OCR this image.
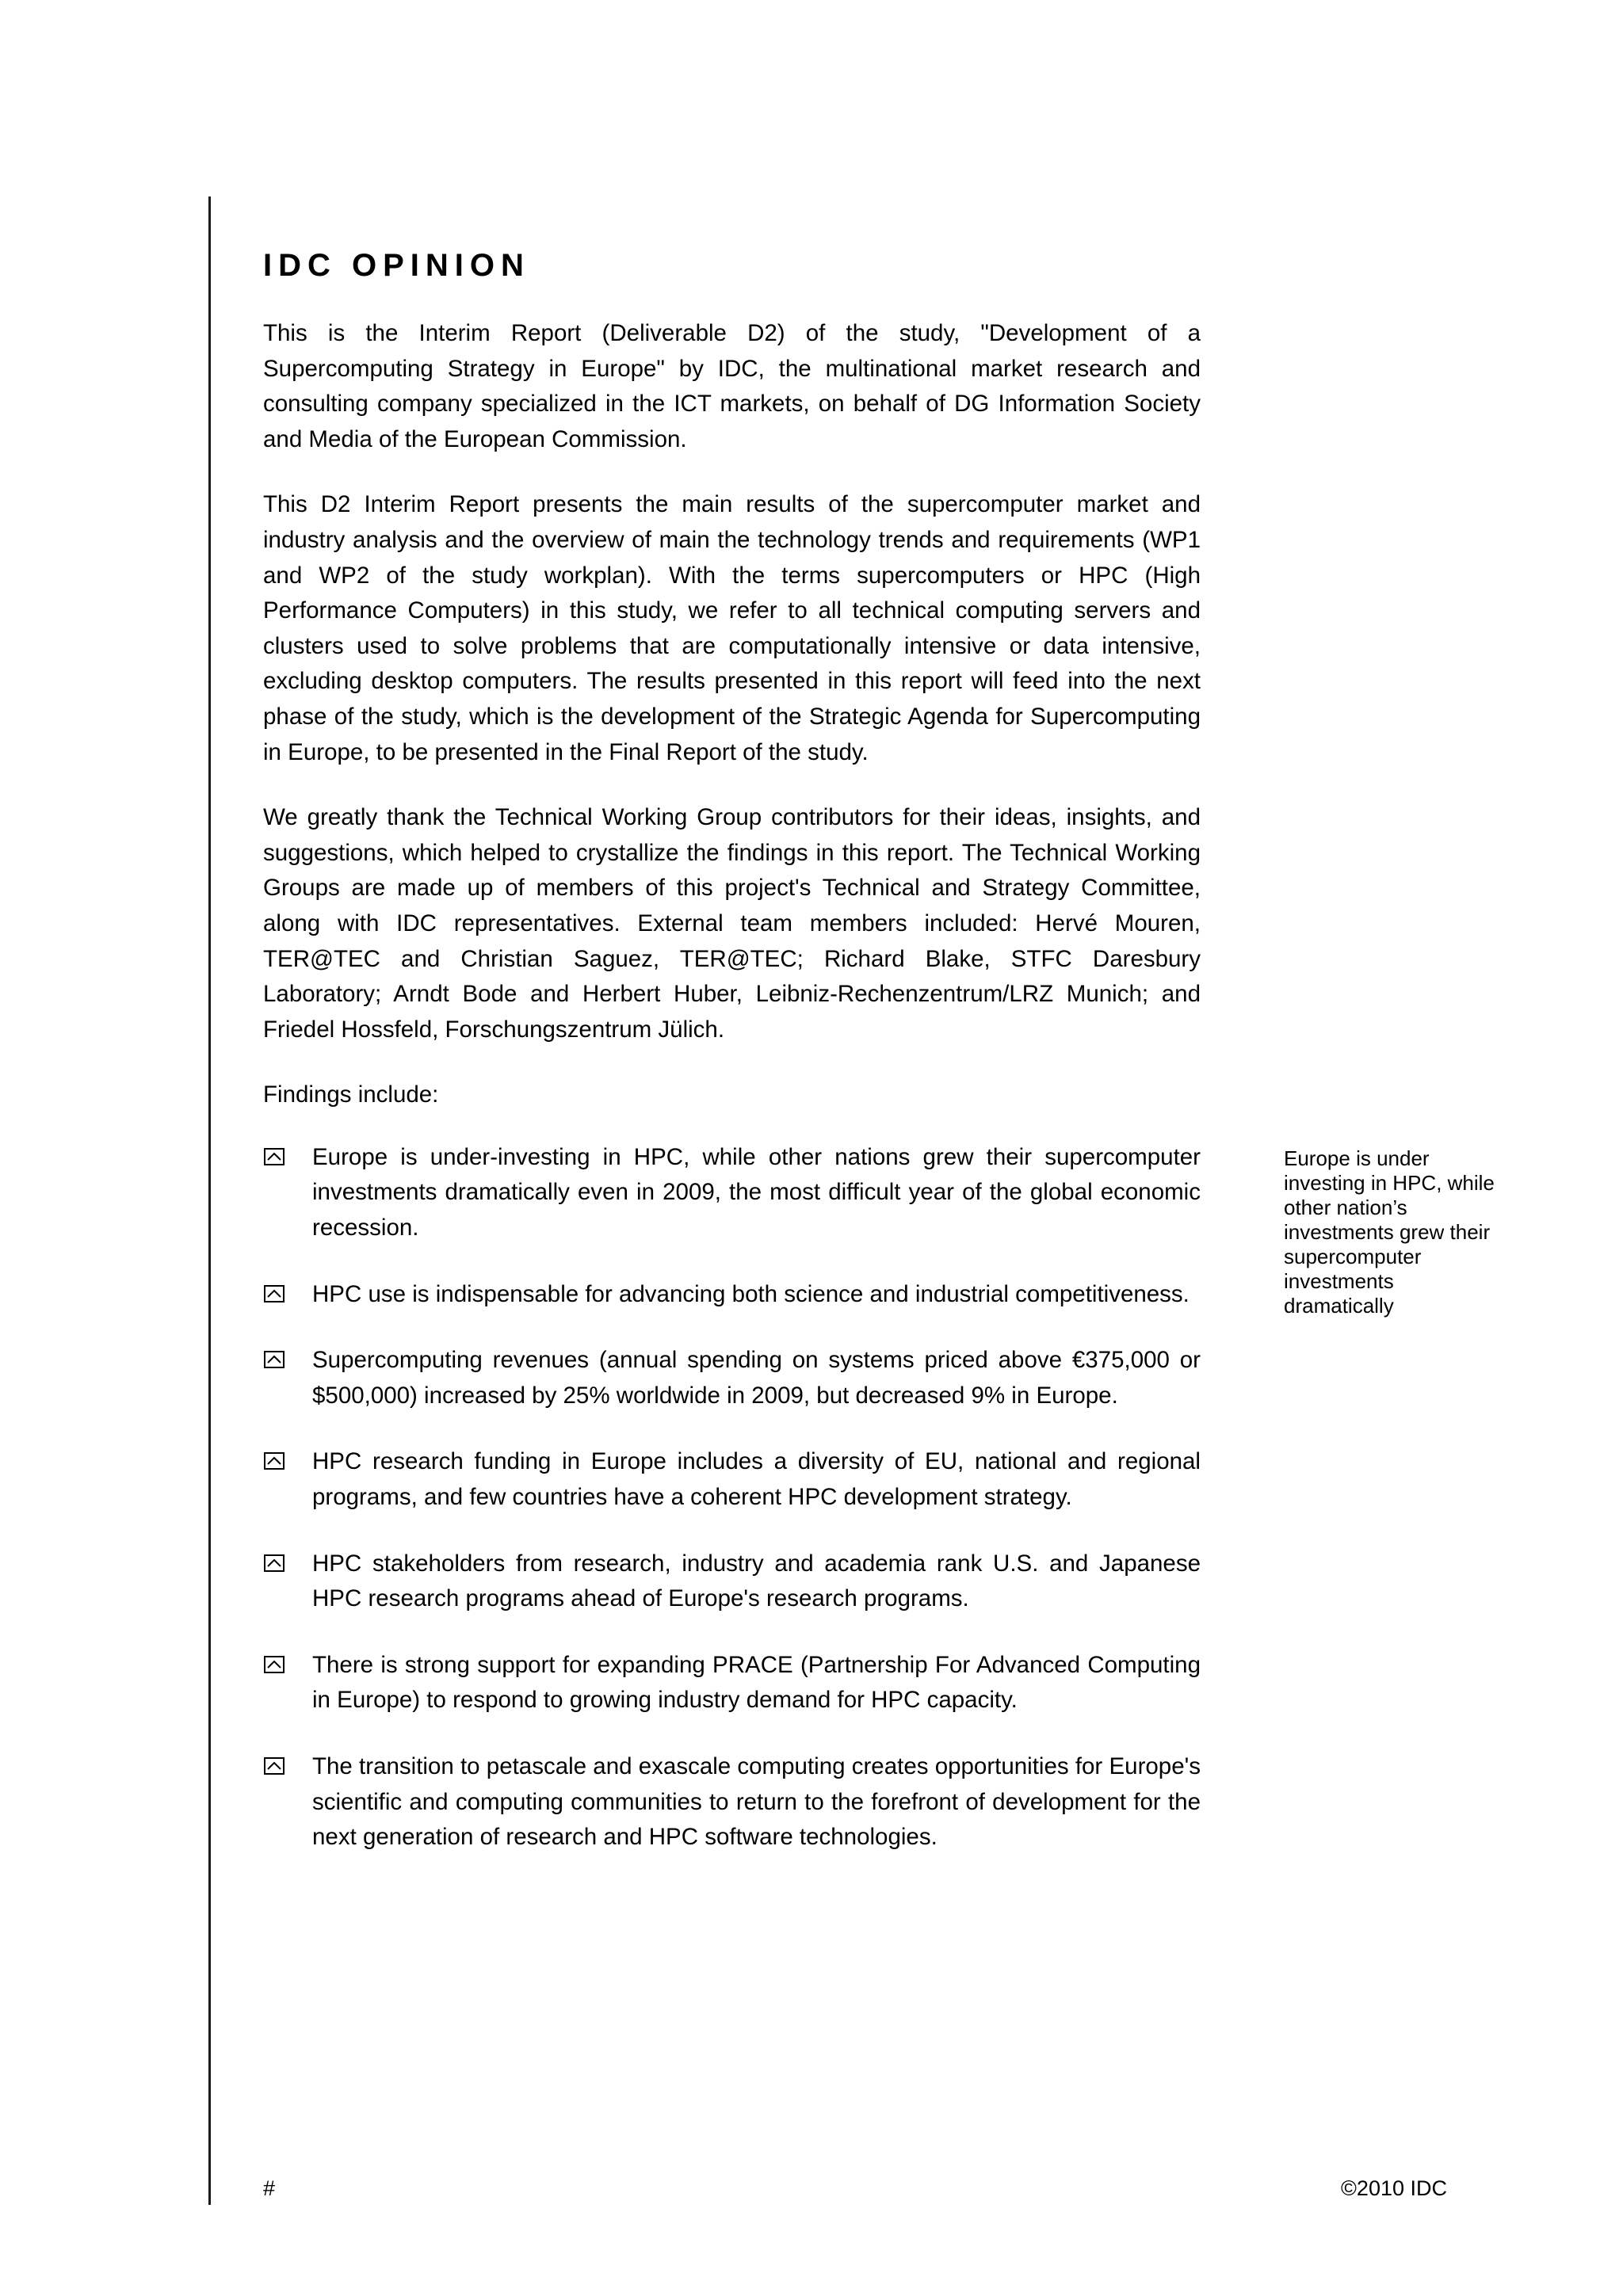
IDC OPINION

This is the Interim Report (Deliverable D2) of the study, "Development of a Supercomputing Strategy in Europe" by IDC, the multinational market research and consulting company specialized in the ICT markets, on behalf of DG Information Society and Media of the European Commission.

This D2 Interim Report presents the main results of the supercomputer market and industry analysis and the overview of main the technology trends and requirements (WP1 and WP2 of the study workplan). With the terms supercomputers or HPC (High Performance Computers) in this study, we refer to all technical computing servers and clusters used to solve problems that are computationally intensive or data intensive, excluding desktop computers. The results presented in this report will feed into the next phase of the study, which is the development of the Strategic Agenda for Supercomputing in Europe, to be presented in the Final Report of the study.

We greatly thank the Technical Working Group contributors for their ideas, insights, and suggestions, which helped to crystallize the findings in this report. The Technical Working Groups are made up of members of this project's Technical and Strategy Committee, along with IDC representatives. External team members included: Hervé Mouren, TER@TEC and Christian Saguez, TER@TEC; Richard Blake, STFC Daresbury Laboratory; Arndt Bode and Herbert Huber, Leibniz-Rechenzentrum/LRZ Munich; and Friedel Hossfeld, Forschungszentrum Jülich.

Findings include:

Europe is under-investing in HPC, while other nations grew their supercomputer investments dramatically even in 2009, the most difficult year of the global economic recession.
HPC use is indispensable for advancing both science and industrial competitiveness.
Supercomputing revenues (annual spending on systems priced above €375,000 or $500,000) increased by 25% worldwide in 2009, but decreased 9% in Europe.
HPC research funding in Europe includes a diversity of EU, national and regional programs, and few countries have a coherent HPC development strategy.
HPC stakeholders from research, industry and academia rank U.S. and Japanese HPC research programs ahead of Europe's research programs.
There is strong support for expanding PRACE (Partnership For Advanced Computing in Europe) to respond to growing industry demand for HPC capacity.
The transition to petascale and exascale computing creates opportunities for Europe's scientific and computing communities to return to the forefront of development for the next generation of research and HPC software technologies.
Europe is under investing in HPC, while other nation’s investments grew their supercomputer investments dramatically
#	©2010 IDC
